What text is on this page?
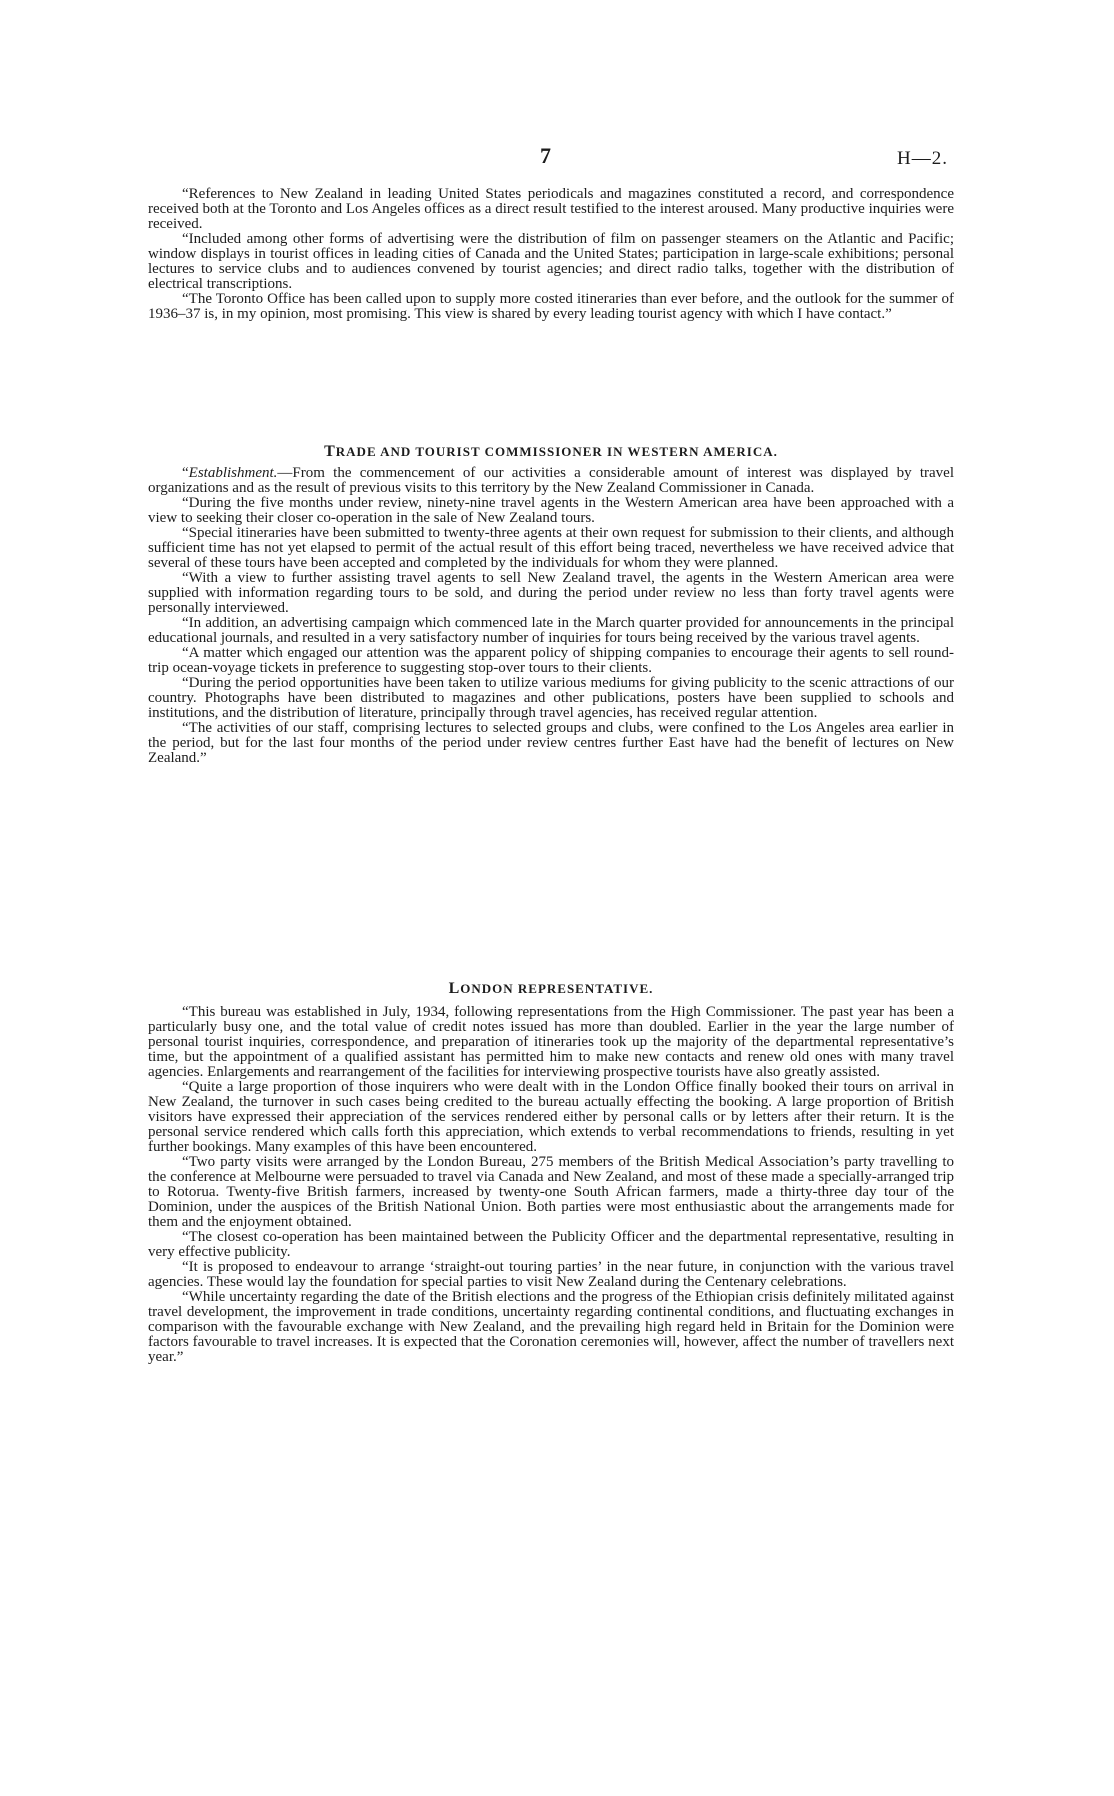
7	H—2.

“References to New Zealand in leading United States periodicals and magazines constituted a record, and correspondence received both at the Toronto and Los Angeles offices as a direct result testified to the interest aroused. Many productive inquiries were received.

“Included among other forms of advertising were the distribution of film on passenger steamers on the Atlantic and Pacific; window displays in tourist offices in leading cities of Canada and the United States; participation in large-scale exhibitions; personal lectures to service clubs and to audiences convened by tourist agencies; and direct radio talks, together with the distribution of electrical transcriptions.

“The Toronto Office has been called upon to supply more costed itineraries than ever before, and the outlook for the summer of 1936–37 is, in my opinion, most promising. This view is shared by every leading tourist agency with which I have contact.”

TRADE AND TOURIST COMMISSIONER IN WESTERN AMERICA.

“Establishment.—From the commencement of our activities a considerable amount of interest was displayed by travel organizations and as the result of previous visits to this territory by the New Zealand Commissioner in Canada.

“During the five months under review, ninety-nine travel agents in the Western American area have been approached with a view to seeking their closer co-operation in the sale of New Zealand tours.

“Special itineraries have been submitted to twenty-three agents at their own request for submission to their clients, and although sufficient time has not yet elapsed to permit of the actual result of this effort being traced, nevertheless we have received advice that several of these tours have been accepted and completed by the individuals for whom they were planned.

“With a view to further assisting travel agents to sell New Zealand travel, the agents in the Western American area were supplied with information regarding tours to be sold, and during the period under review no less than forty travel agents were personally interviewed.

“In addition, an advertising campaign which commenced late in the March quarter provided for announcements in the principal educational journals, and resulted in a very satisfactory number of inquiries for tours being received by the various travel agents.

“A matter which engaged our attention was the apparent policy of shipping companies to encourage their agents to sell round-trip ocean-voyage tickets in preference to suggesting stop-over tours to their clients.

“During the period opportunities have been taken to utilize various mediums for giving publicity to the scenic attractions of our country. Photographs have been distributed to magazines and other publications, posters have been supplied to schools and institutions, and the distribution of literature, principally through travel agencies, has received regular attention.

“The activities of our staff, comprising lectures to selected groups and clubs, were confined to the Los Angeles area earlier in the period, but for the last four months of the period under review centres further East have had the benefit of lectures on New Zealand.”

LONDON REPRESENTATIVE.

“This bureau was established in July, 1934, following representations from the High Commissioner. The past year has been a particularly busy one, and the total value of credit notes issued has more than doubled. Earlier in the year the large number of personal tourist inquiries, correspondence, and preparation of itineraries took up the majority of the departmental representative’s time, but the appointment of a qualified assistant has permitted him to make new contacts and renew old ones with many travel agencies. Enlargements and rearrangement of the facilities for interviewing prospective tourists have also greatly assisted.

“Quite a large proportion of those inquirers who were dealt with in the London Office finally booked their tours on arrival in New Zealand, the turnover in such cases being credited to the bureau actually effecting the booking. A large proportion of British visitors have expressed their appreciation of the services rendered either by personal calls or by letters after their return. It is the personal service rendered which calls forth this appreciation, which extends to verbal recommendations to friends, resulting in yet further bookings. Many examples of this have been encountered.

“Two party visits were arranged by the London Bureau, 275 members of the British Medical Association’s party travelling to the conference at Melbourne were persuaded to travel via Canada and New Zealand, and most of these made a specially-arranged trip to Rotorua. Twenty-five British farmers, increased by twenty-one South African farmers, made a thirty-three day tour of the Dominion, under the auspices of the British National Union. Both parties were most enthusiastic about the arrangements made for them and the enjoyment obtained.

“The closest co-operation has been maintained between the Publicity Officer and the departmental representative, resulting in very effective publicity.

“It is proposed to endeavour to arrange ‘straight-out touring parties’ in the near future, in conjunction with the various travel agencies. These would lay the foundation for special parties to visit New Zealand during the Centenary celebrations.

“While uncertainty regarding the date of the British elections and the progress of the Ethiopian crisis definitely militated against travel development, the improvement in trade conditions, uncertainty regarding continental conditions, and fluctuating exchanges in comparison with the favourable exchange with New Zealand, and the prevailing high regard held in Britain for the Dominion were factors favourable to travel increases. It is expected that the Coronation ceremonies will, however, affect the number of travellers next year.”
